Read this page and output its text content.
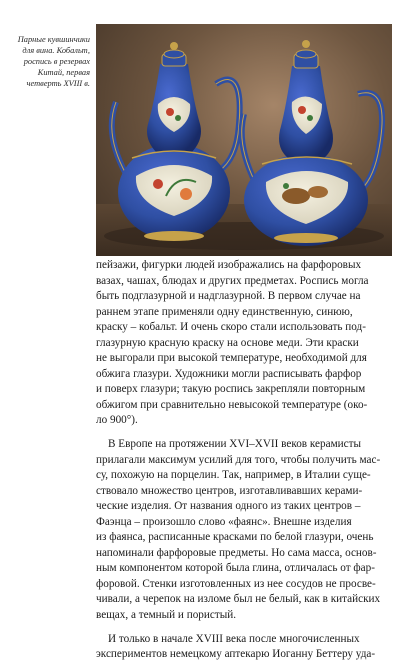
Парные кувшинчики
для вина. Кобальт,
роспись в резервах
Китай, первая
четверть XVIII в.
пейзажи, фигурки людей изображались на фарфоровых
вазах, чашах, блюдах и других предметах. Роспись могла
быть подглазурной и надглазурной. В первом случае на
раннем этапе применяли одну единственную, синюю,
краску – кобальт. И очень скоро стали использовать под-
глазурную красную краску на основе меди. Эти краски
не выгорали при высокой температуре, необходимой для
обжига глазури. Художники могли расписывать фарфор
и поверх глазури; такую роспись закрепляли повторным
обжигом при сравнительно невысокой температуре (око-
ло 900°).
В Европе на протяжении XVI–XVII веков керамисты
прилагали максимум усилий для того, чтобы получить мас-
су, похожую на порцелин. Так, например, в Италии суще-
ствовало множество центров, изготавливавших керами-
ческие изделия. От названия одного из таких центров –
Фаэнца – произошло слово «фаянс». Внешне изделия
из фаянса, расписанные красками по белой глазури, очень
напоминали фарфоровые предметы. Но сама масса, основ-
ным компонентом которой была глина, отличалась от фар-
форовой. Стенки изготовленных из нее сосудов не просве-
чивали, а черепок на изломе был не белый, как в китайских
вещах, а темный и пористый.
И только в начале XVIII века после многочисленных
экспериментов немецкому аптекарю Иоганну Беттеру уда-
